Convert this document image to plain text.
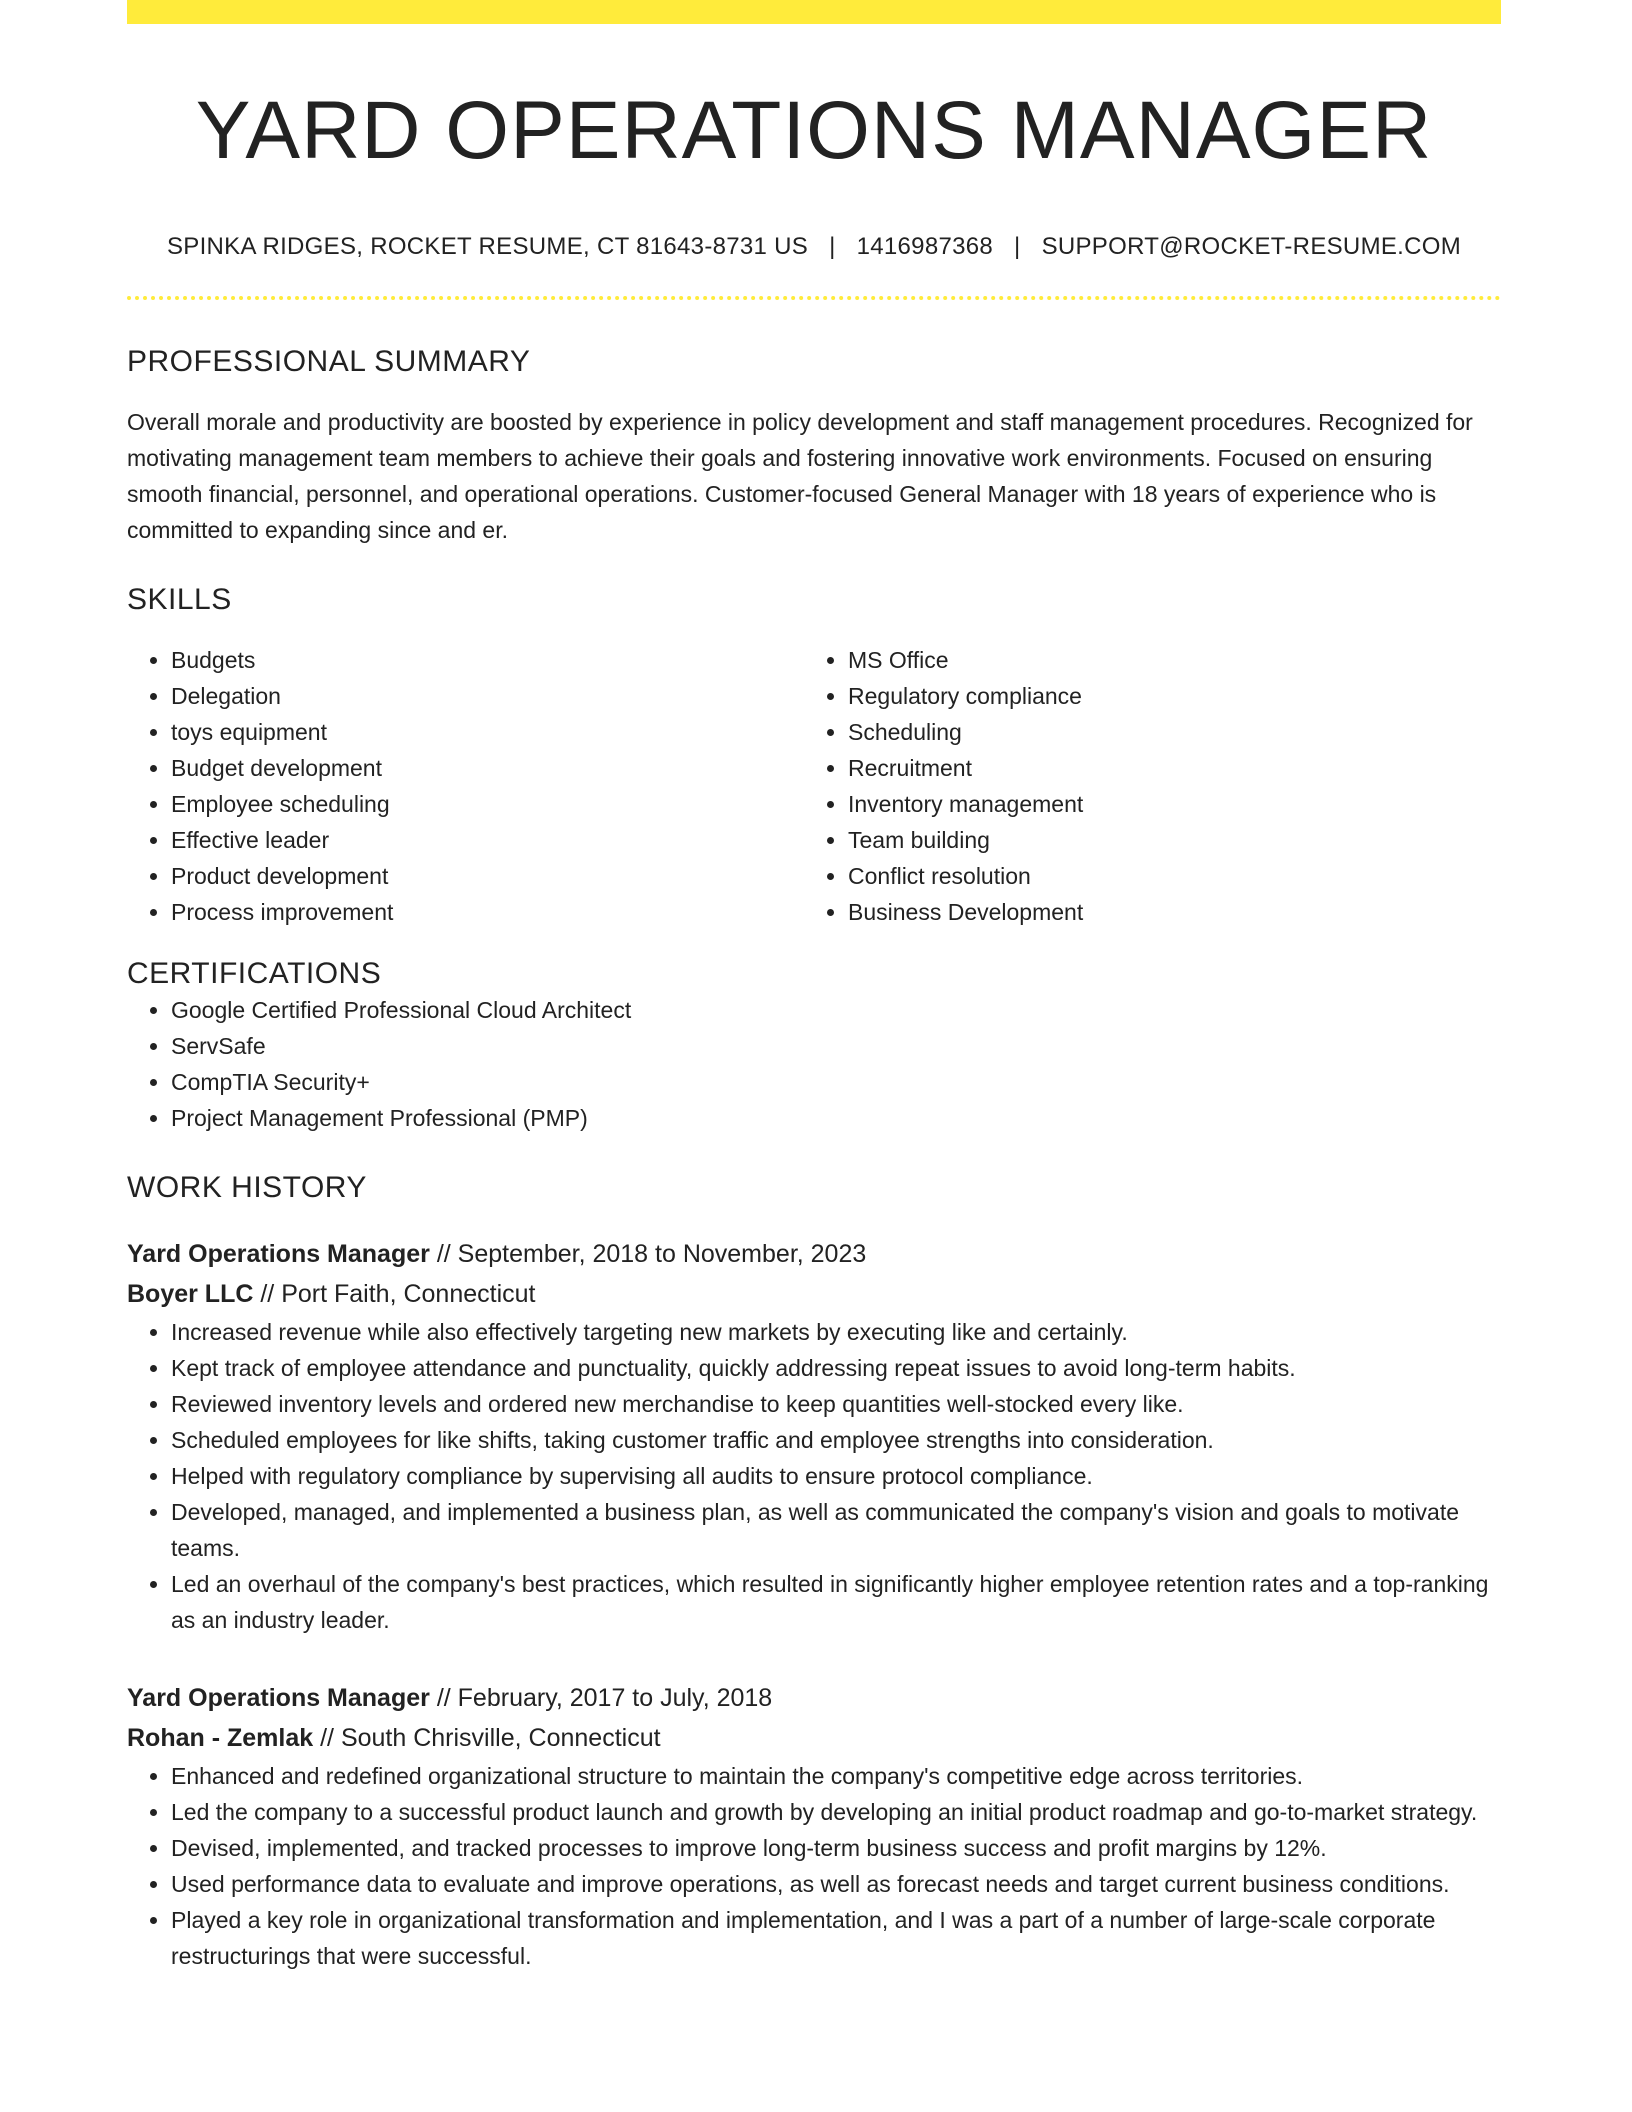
YARD OPERATIONS MANAGER
SPINKA RIDGES, ROCKET RESUME, CT 81643-8731 US | 1416987368 | SUPPORT@ROCKET-RESUME.COM
PROFESSIONAL SUMMARY

Overall morale and productivity are boosted by experience in policy development and staff management procedures. Recognized for motivating management team members to achieve their goals and fostering innovative work environments. Focused on ensuring smooth financial, personnel, and operational operations. Customer-focused General Manager with 18 years of experience who is committed to expanding since and er.

SKILLS
• Budgets
• Delegation
• toys equipment
• Budget development
• Employee scheduling
• Effective leader
• Product development
• Process improvement
• MS Office
• Regulatory compliance
• Scheduling
• Recruitment
• Inventory management
• Team building
• Conflict resolution
• Business Development
CERTIFICATIONS
• Google Certified Professional Cloud Architect
• ServSafe
• CompTIA Security+
• Project Management Professional (PMP)
WORK HISTORY
Yard Operations Manager // September, 2018 to November, 2023
Boyer LLC // Port Faith, Connecticut
• Increased revenue while also effectively targeting new markets by executing like and certainly.
• Kept track of employee attendance and punctuality, quickly addressing repeat issues to avoid long-term habits.
• Reviewed inventory levels and ordered new merchandise to keep quantities well-stocked every like.
• Scheduled employees for like shifts, taking customer traffic and employee strengths into consideration.
• Helped with regulatory compliance by supervising all audits to ensure protocol compliance.
• Developed, managed, and implemented a business plan, as well as communicated the company's vision and goals to motivate teams.
• Led an overhaul of the company's best practices, which resulted in significantly higher employee retention rates and a top-ranking as an industry leader.
Yard Operations Manager // February, 2017 to July, 2018
Rohan - Zemlak // South Chrisville, Connecticut
• Enhanced and redefined organizational structure to maintain the company's competitive edge across territories.
• Led the company to a successful product launch and growth by developing an initial product roadmap and go-to-market strategy.
• Devised, implemented, and tracked processes to improve long-term business success and profit margins by 12%.
• Used performance data to evaluate and improve operations, as well as forecast needs and target current business conditions.
• Played a key role in organizational transformation and implementation, and I was a part of a number of large-scale corporate restructurings that were successful.
